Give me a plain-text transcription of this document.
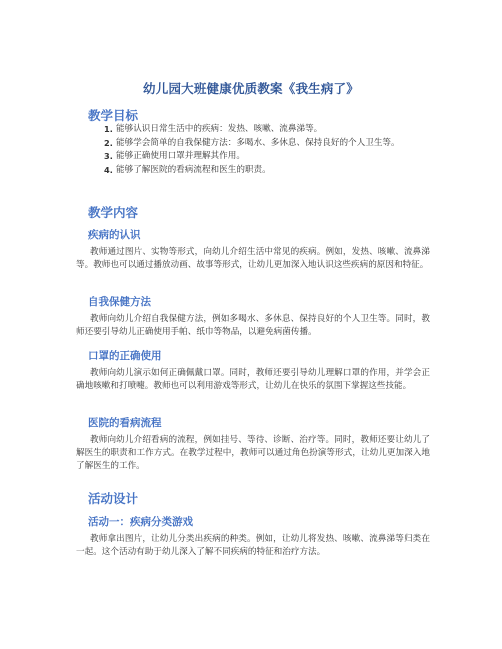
幼儿园大班健康优质教案《我生病了》
教学目标
1. 能够认识日常生活中的疾病：发热、咳嗽、流鼻涕等。
2. 能够学会简单的自我保健方法：多喝水、多休息、保持良好的个人卫生等。
3. 能够正确使用口罩并理解其作用。
4. 能够了解医院的看病流程和医生的职责。
教学内容
疾病的认识
教师通过图片、实物等形式，向幼儿介绍生活中常见的疾病。例如，发热、咳嗽、流鼻涕等。教师也可以通过播放动画、故事等形式，让幼儿更加深入地认识这些疾病的原因和特征。
自我保健方法
教师向幼儿介绍自我保健方法，例如多喝水、多休息、保持良好的个人卫生等。同时，教师还要引导幼儿正确使用手帕、纸巾等物品，以避免病菌传播。
口罩的正确使用
教师向幼儿演示如何正确佩戴口罩。同时，教师还要引导幼儿理解口罩的作用，并学会正确地咳嗽和打喷嚏。教师也可以利用游戏等形式，让幼儿在快乐的氛围下掌握这些技能。
医院的看病流程
教师向幼儿介绍看病的流程，例如挂号、等待、诊断、治疗等。同时，教师还要让幼儿了解医生的职责和工作方式。在教学过程中，教师可以通过角色扮演等形式，让幼儿更加深入地了解医生的工作。
活动设计
活动一：疾病分类游戏
教师拿出图片，让幼儿分类出疾病的种类。例如，让幼儿将发热、咳嗽、流鼻涕等归类在一起。这个活动有助于幼儿深入了解不同疾病的特征和治疗方法。
